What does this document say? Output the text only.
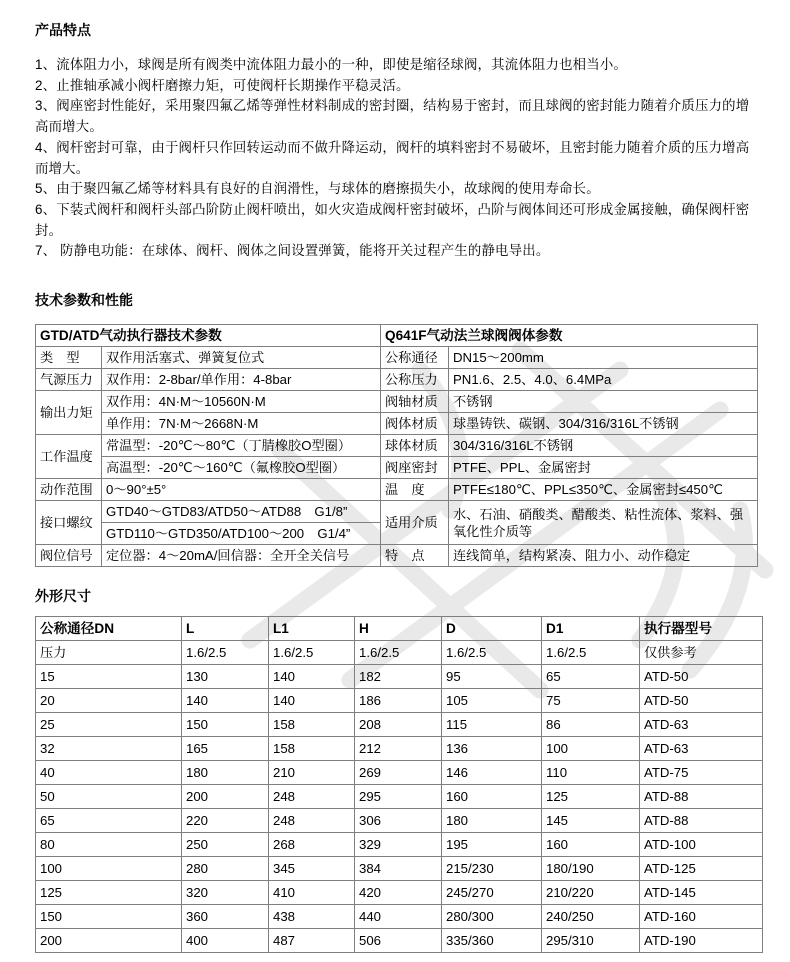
产品特点
1、流体阻力小，球阀是所有阀类中流体阻力最小的一种，即使是缩径球阀，其流体阻力也相当小。
2、止推轴承减小阀杆磨擦力矩，可使阀杆长期操作平稳灵活。
3、阀座密封性能好，采用聚四氟乙烯等弹性材料制成的密封圈，结构易于密封，而且球阀的密封能力随着介质压力的增高而增大。
4、阀杆密封可靠，由于阀杆只作回转运动而不做升降运动，阀杆的填料密封不易破坏，且密封能力随着介质的压力增高而增大。
5、由于聚四氟乙烯等材料具有良好的自润滑性，与球体的磨擦损失小，故球阀的使用寿命长。
6、下装式阀杆和阀杆头部凸阶防止阀杆喷出，如火灾造成阀杆密封破坏，凸阶与阀体间还可形成金属接触，确保阀杆密封。
7、 防静电功能：在球体、阀杆、阀体之间设置弹簧，能将开关过程产生的静电导出。
技术参数和性能
GTD/ATD气动执行器技术参数		Q641F气动法兰球阀阀体参数	
类　型	双作用活塞式、弹簧复位式	公称通径	DN15～200mm
气源压力	双作用：2-8bar/单作用：4-8bar	公称压力	PN1.6、2.5、4.0、6.4MPa
输出力矩	双作用：4N·M～10560N·M	阀轴材质	不锈钢
	单作用：7N·M～2668N·M	阀体材质	球墨铸铁、碳钢、304/316/316L不锈钢
工作温度	常温型：-20℃～80℃（丁腈橡胶O型圈）	球体材质	304/316/316L不锈钢
	高温型：-20℃～160℃（氟橡胶O型圈）	阀座密封	PTFE、PPL、金属密封
动作范围	0～90°±5°	温　度	PTFE≤180℃、PPL≤350℃、金属密封≤450℃
接口螺纹	GTD40～GTD83/ATD50～ATD88　G1/8”	适用介质	水、石油、硝酸类、醋酸类、粘性流体、浆料、强氧化性介质等
	GTD110～GTD350/ATD100～200　G1/4”		
阀位信号	定位器：4～20mA/回信器：全开全关信号	特　点	连线简单，结构紧凑、阻力小、动作稳定
外形尺寸
公称通径DN	L	L1	H	D	D1	执行器型号
压力	1.6/2.5	1.6/2.5	1.6/2.5	1.6/2.5	1.6/2.5	仅供参考
15	130	140	182	95	65	ATD-50
20	140	140	186	105	75	ATD-50
25	150	158	208	115	86	ATD-63
32	165	158	212	136	100	ATD-63
40	180	210	269	146	110	ATD-75
50	200	248	295	160	125	ATD-88
65	220	248	306	180	145	ATD-88
80	250	268	329	195	160	ATD-100
100	280	345	384	215/230	180/190	ATD-125
125	320	410	420	245/270	210/220	ATD-145
150	360	438	440	280/300	240/250	ATD-160
200	400	487	506	335/360	295/310	ATD-190
